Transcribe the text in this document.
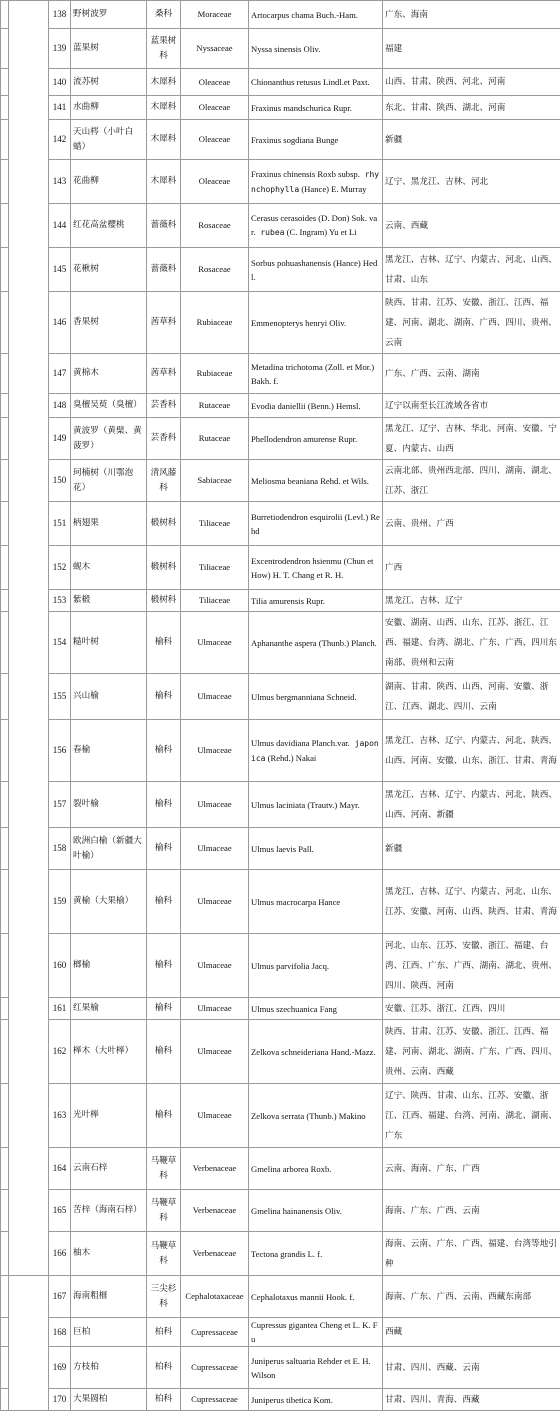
		138	野树波罗	桑科	Moraceae	Artocarpus chama Buch.-Ham.	广东、海南
		139	蓝果树	蓝果树科	Nyssaceae	Nyssa sinensis Oliv.	福建
		140	流苏树	木犀科	Oleaceae	Chionanthus retusus Lindl.et Paxt.	山西、甘肃、陕西、河北、河南
		141	水曲柳	木犀科	Oleaceae	Fraxinus mandschurica Rupr.	东北、甘肃、陕西、湖北、河南
		142	天山梣（小叶白蜡）	木犀科	Oleaceae	Fraxinus sogdiana Bunge	新疆
		143	花曲柳	木犀科	Oleaceae	Fraxinus chinensis Roxb subsp. rhynchophylla (Hance) E. Murray	辽宁、黑龙江、吉林、河北
		144	红花高盆樱桃	蔷薇科	Rosaceae	Cerasus cerasoides (D. Don) Sok. var. rubea (C. Ingram) Yu et Li	云南、西藏
		145	花楸树	蔷薇科	Rosaceae	Sorbus pohuashanensis (Hance) Hedl.	黑龙江、吉林、辽宁、内蒙古、河北、山西、甘肃、山东
		146	香果树	茜草科	Rubiaceae	Emmenopterys henryi Oliv.	陕西、甘肃、江苏、安徽、浙江、江西、福建、河南、湖北、湖南、广西、四川、贵州、云南
		147	黄棉木	茜草科	Rubiaceae	Metadina trichotoma (Zoll. et Mor.) Bakh. f.	广东、广西、云南、湖南
		148	臭檀吴萸（臭檀）	芸香科	Rutaceae	Evodia daniellii (Benn.) Hemsl.	辽宁以南至长江流域各省市
		149	黄波罗（黄檗、黄菠罗）	芸香科	Rutaceae	Phellodendron amurense Rupr.	黑龙江、辽宁、吉林、华北、河南、安徽、宁夏、内蒙古、山西
		150	珂楠树（川鄂泡花）	清风藤科	Sabiaceae	Meliosma beaniana Rehd. et Wils.	云南北部、贵州西北部、四川、湖南、湖北、江苏、浙江
		151	柄翅果	椴树科	Tiliaceae	Burretiodendron esquirolii (Levl.) Rehd	云南、贵州、广西
		152	蚬木	椴树科	Tiliaceae	Excentrodendron hsienmu (Chun et How) H. T. Chang et R. H.	广西
		153	紫椴	椴树科	Tiliaceae	Tilia amurensis Rupr.	黑龙江、吉林、辽宁
		154	糙叶树	榆科	Ulmaceae	Aphananthe aspera (Thunb.) Planch.	安徽、湖南、山西、山东、江苏、浙江、江西、福建、台湾、湖北、广东、广西、四川东南部、贵州和云南
		155	兴山榆	榆科	Ulmaceae	Ulmus bergmanniana Schneid.	湖南、甘肃、陕西、山西、河南、安徽、浙江、江西、湖北、四川、云南
		156	春榆	榆科	Ulmaceae	Ulmus davidiana Planch.var. japonica (Rehd.) Nakai	黑龙江、吉林、辽宁、内蒙古、河北、陕西、山西、河南、安徽、山东、浙江、甘肃、青海
		157	裂叶榆	榆科	Ulmaceae	Ulmus laciniata (Trautv.) Mayr.	黑龙江、吉林、辽宁、内蒙古、河北、陕西、山西、河南、新疆
		158	欧洲白榆（新疆大叶榆）	榆科	Ulmaceae	Ulmus laevis Pall.	新疆
		159	黄榆（大果榆）	榆科	Ulmaceae	Ulmus macrocarpa Hance	黑龙江、吉林、辽宁、内蒙古、河北、山东、江苏、安徽、河南、山西、陕西、甘肃、青海
		160	榔榆	榆科	Ulmaceae	Ulmus parvifolia Jacq.	河北、山东、江苏、安徽、浙江、福建、台湾、江西、广东、广西、湖南、湖北、贵州、四川、陕西、河南
		161	红果榆	榆科	Ulmaceae	Ulmus szechuanica Fang	安徽、江苏、浙江、江西、四川
		162	榉木（大叶榉）	榆科	Ulmaceae	Zelkova schneideriana Hand.-Mazz.	陕西、甘肃、江苏、安徽、浙江、江西、福建、河南、湖北、湖南、广东、广西、四川、贵州、云南、西藏
		163	光叶榉	榆科	Ulmaceae	Zelkova serrata (Thunb.) Makino	辽宁、陕西、甘肃、山东、江苏、安徽、浙江、江西、福建、台湾、河南、湖北、湖南、广东
		164	云南石梓	马鞭草科	Verbenaceae	Gmelina arborea Roxb.	云南、海南、广东、广西
		165	苦梓（海南石梓）	马鞭草科	Verbenaceae	Gmelina hainanensis Oliv.	海南、广东、广西、云南
		166	柚木	马鞭草科	Verbenaceae	Tectona grandis L. f.	海南、云南、广东、广西、福建、台湾等地引种
		167	海南粗榧	三尖杉科	Cephalotaxaceae	Cephalotaxus mannii Hook. f.	海南、广东、广西、云南、西藏东南部
		168	巨柏	柏科	Cupressaceae	Cupressus gigantea Cheng et L. K. Fu	西藏
		169	方枝柏	柏科	Cupressaceae	Juniperus saltuaria Rehder et E. H. Wilson	甘肃、四川、西藏、云南
		170	大果圆柏	柏科	Cupressaceae	Juniperus tibetica Kom.	甘肃、四川、青海、西藏
